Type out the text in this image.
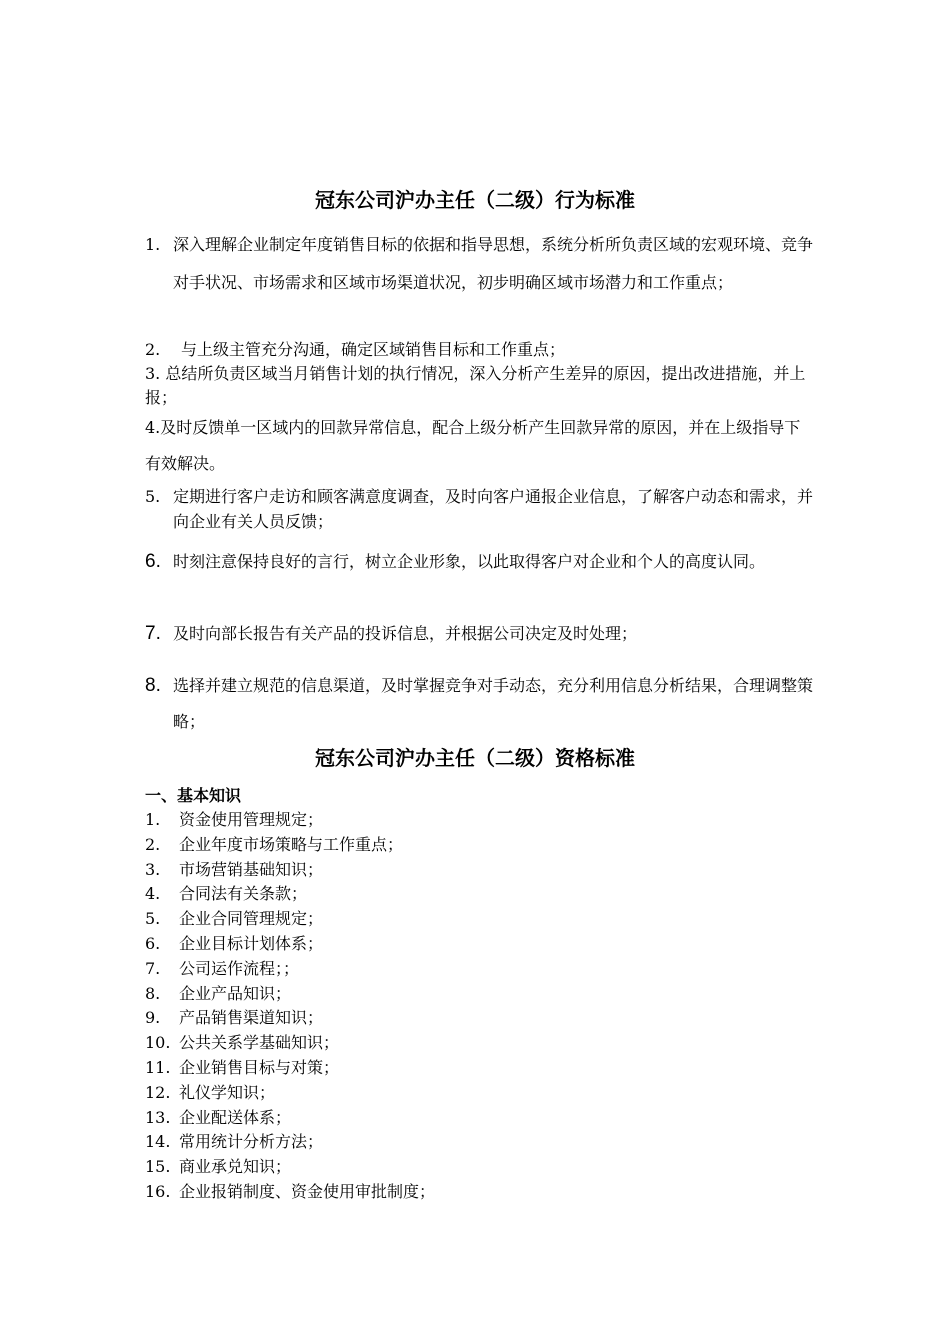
冠东公司沪办主任（二级）行为标准
1. 深入理解企业制定年度销售目标的依据和指导思想，系统分析所负责区域的宏观环境、竞争对手状况、市场需求和区域市场渠道状况，初步明确区域市场潜力和工作重点；
2.	与上级主管充分沟通，确定区域销售目标和工作重点；
3. 总结所负责区域当月销售计划的执行情况，深入分析产生差异的原因，提出改进措施，并上报；
4.及时反馈单一区域内的回款异常信息，配合上级分析产生回款异常的原因，并在上级指导下有效解决。
5. 定期进行客户走访和顾客满意度调查，及时向客户通报企业信息，了解客户动态和需求，并向企业有关人员反馈；
6. 时刻注意保持良好的言行，树立企业形象，以此取得客户对企业和个人的高度认同。
7. 及时向部长报告有关产品的投诉信息，并根据公司决定及时处理；
8. 选择并建立规范的信息渠道，及时掌握竞争对手动态，充分利用信息分析结果，合理调整策略；
冠东公司沪办主任（二级）资格标准
一、基本知识
1. 资金使用管理规定；
2. 企业年度市场策略与工作重点；
3. 市场营销基础知识；
4. 合同法有关条款；
5. 企业合同管理规定；
6. 企业目标计划体系；
7. 公司运作流程；；
8. 企业产品知识；
9. 产品销售渠道知识；
10. 公共关系学基础知识；
11. 企业销售目标与对策；
12. 礼仪学知识；
13. 企业配送体系；
14. 常用统计分析方法；
15. 商业承兑知识；
16. 企业报销制度、资金使用审批制度；
